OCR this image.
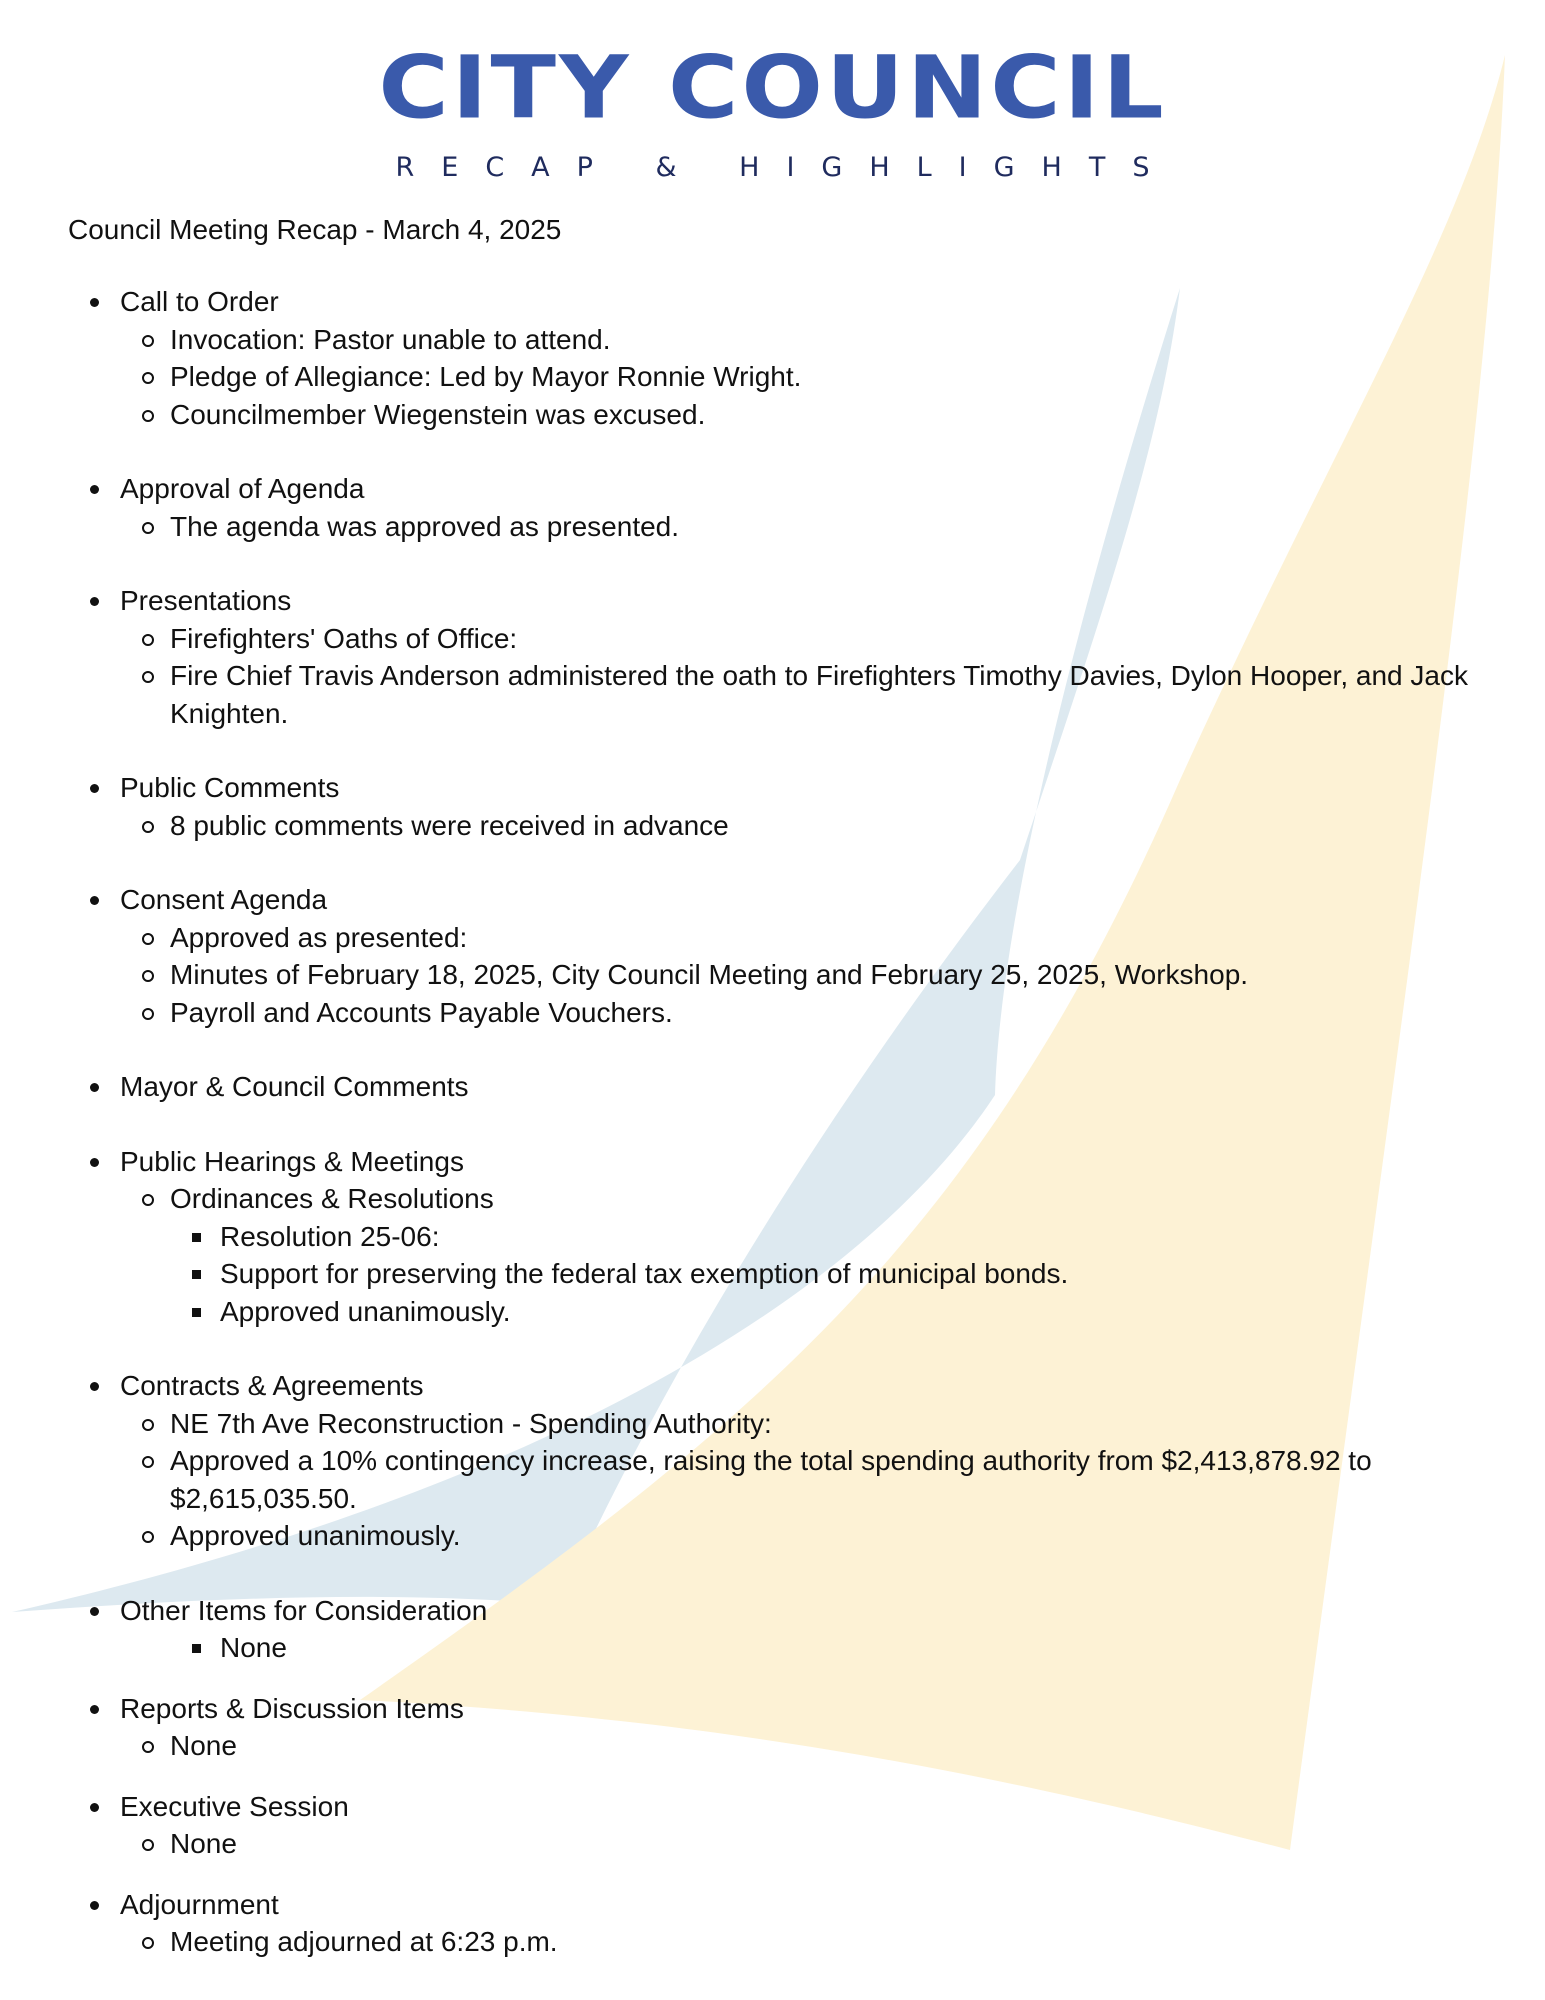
CITY COUNCIL
RECAP & HIGHLIGHTS
Council Meeting Recap - March 4, 2025
Call to Order
Invocation: Pastor unable to attend.
Pledge of Allegiance: Led by Mayor Ronnie Wright.
Councilmember Wiegenstein was excused.
Approval of Agenda
The agenda was approved as presented.
Presentations
Firefighters' Oaths of Office:
Fire Chief Travis Anderson administered the oath to Firefighters Timothy Davies, Dylon Hooper, and Jack Knighten.
Public Comments
8 public comments were received in advance
Consent Agenda
Approved as presented:
Minutes of February 18, 2025, City Council Meeting and February 25, 2025, Workshop.
Payroll and Accounts Payable Vouchers.
Mayor & Council Comments
Public Hearings & Meetings
Ordinances & Resolutions
Resolution 25-06:
Support for preserving the federal tax exemption of municipal bonds.
Approved unanimously.
Contracts & Agreements
NE 7th Ave Reconstruction - Spending Authority:
Approved a 10% contingency increase, raising the total spending authority from $2,413,878.92 to $2,615,035.50.
Approved unanimously.
Other Items for Consideration
None
Reports & Discussion Items
None
Executive Session
None
Adjournment
Meeting adjourned at 6:23 p.m.
